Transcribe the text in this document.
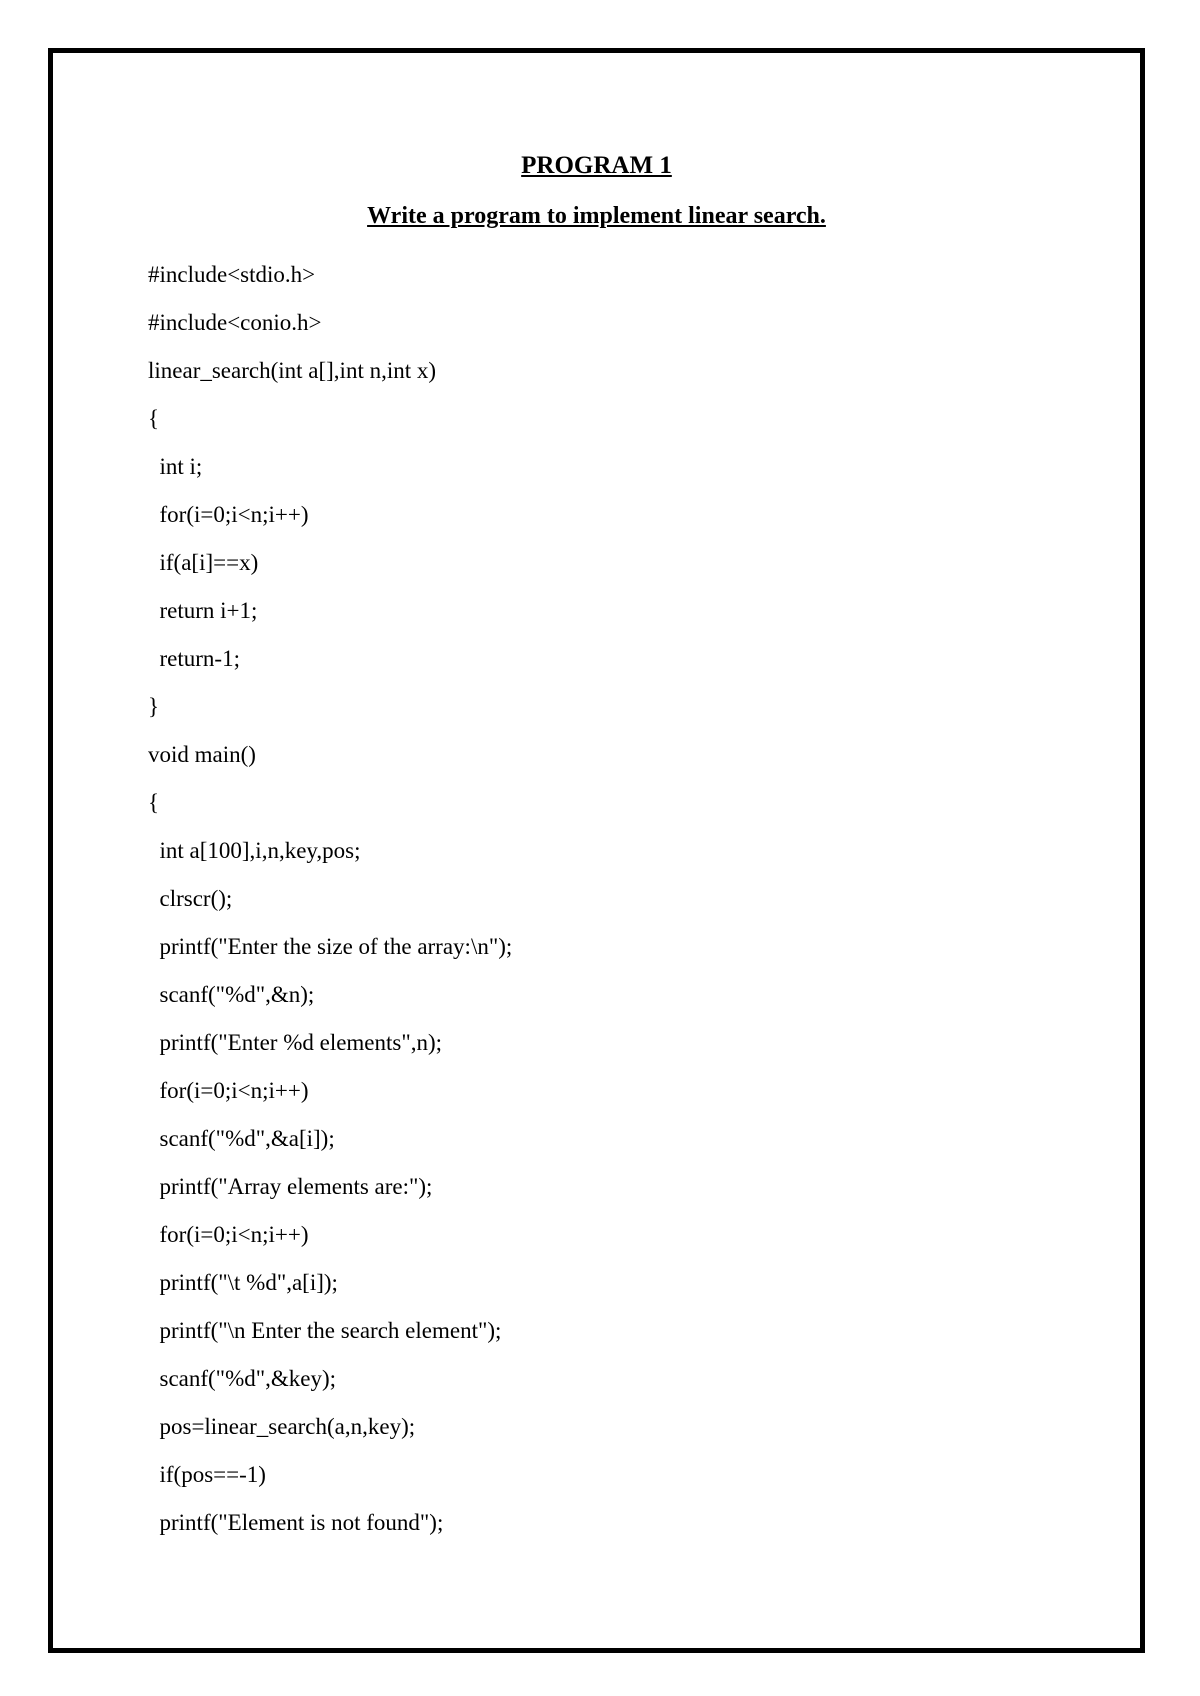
PROGRAM 1
Write a program to implement linear search.
#include<stdio.h>
#include<conio.h>
linear_search(int a[],int n,int x)
{
int i;
for(i=0;i<n;i++)
if(a[i]==x)
return i+1;
return-1;
}
void main()
{
int a[100],i,n,key,pos;
clrscr();
printf("Enter the size of the array:\n");
scanf("%d",&n);
printf("Enter %d elements",n);
for(i=0;i<n;i++)
scanf("%d",&a[i]);
printf("Array elements are:");
for(i=0;i<n;i++)
printf("\t %d",a[i]);
printf("\n Enter the search element");
scanf("%d",&key);
pos=linear_search(a,n,key);
if(pos==-1)
printf("Element is not found");
